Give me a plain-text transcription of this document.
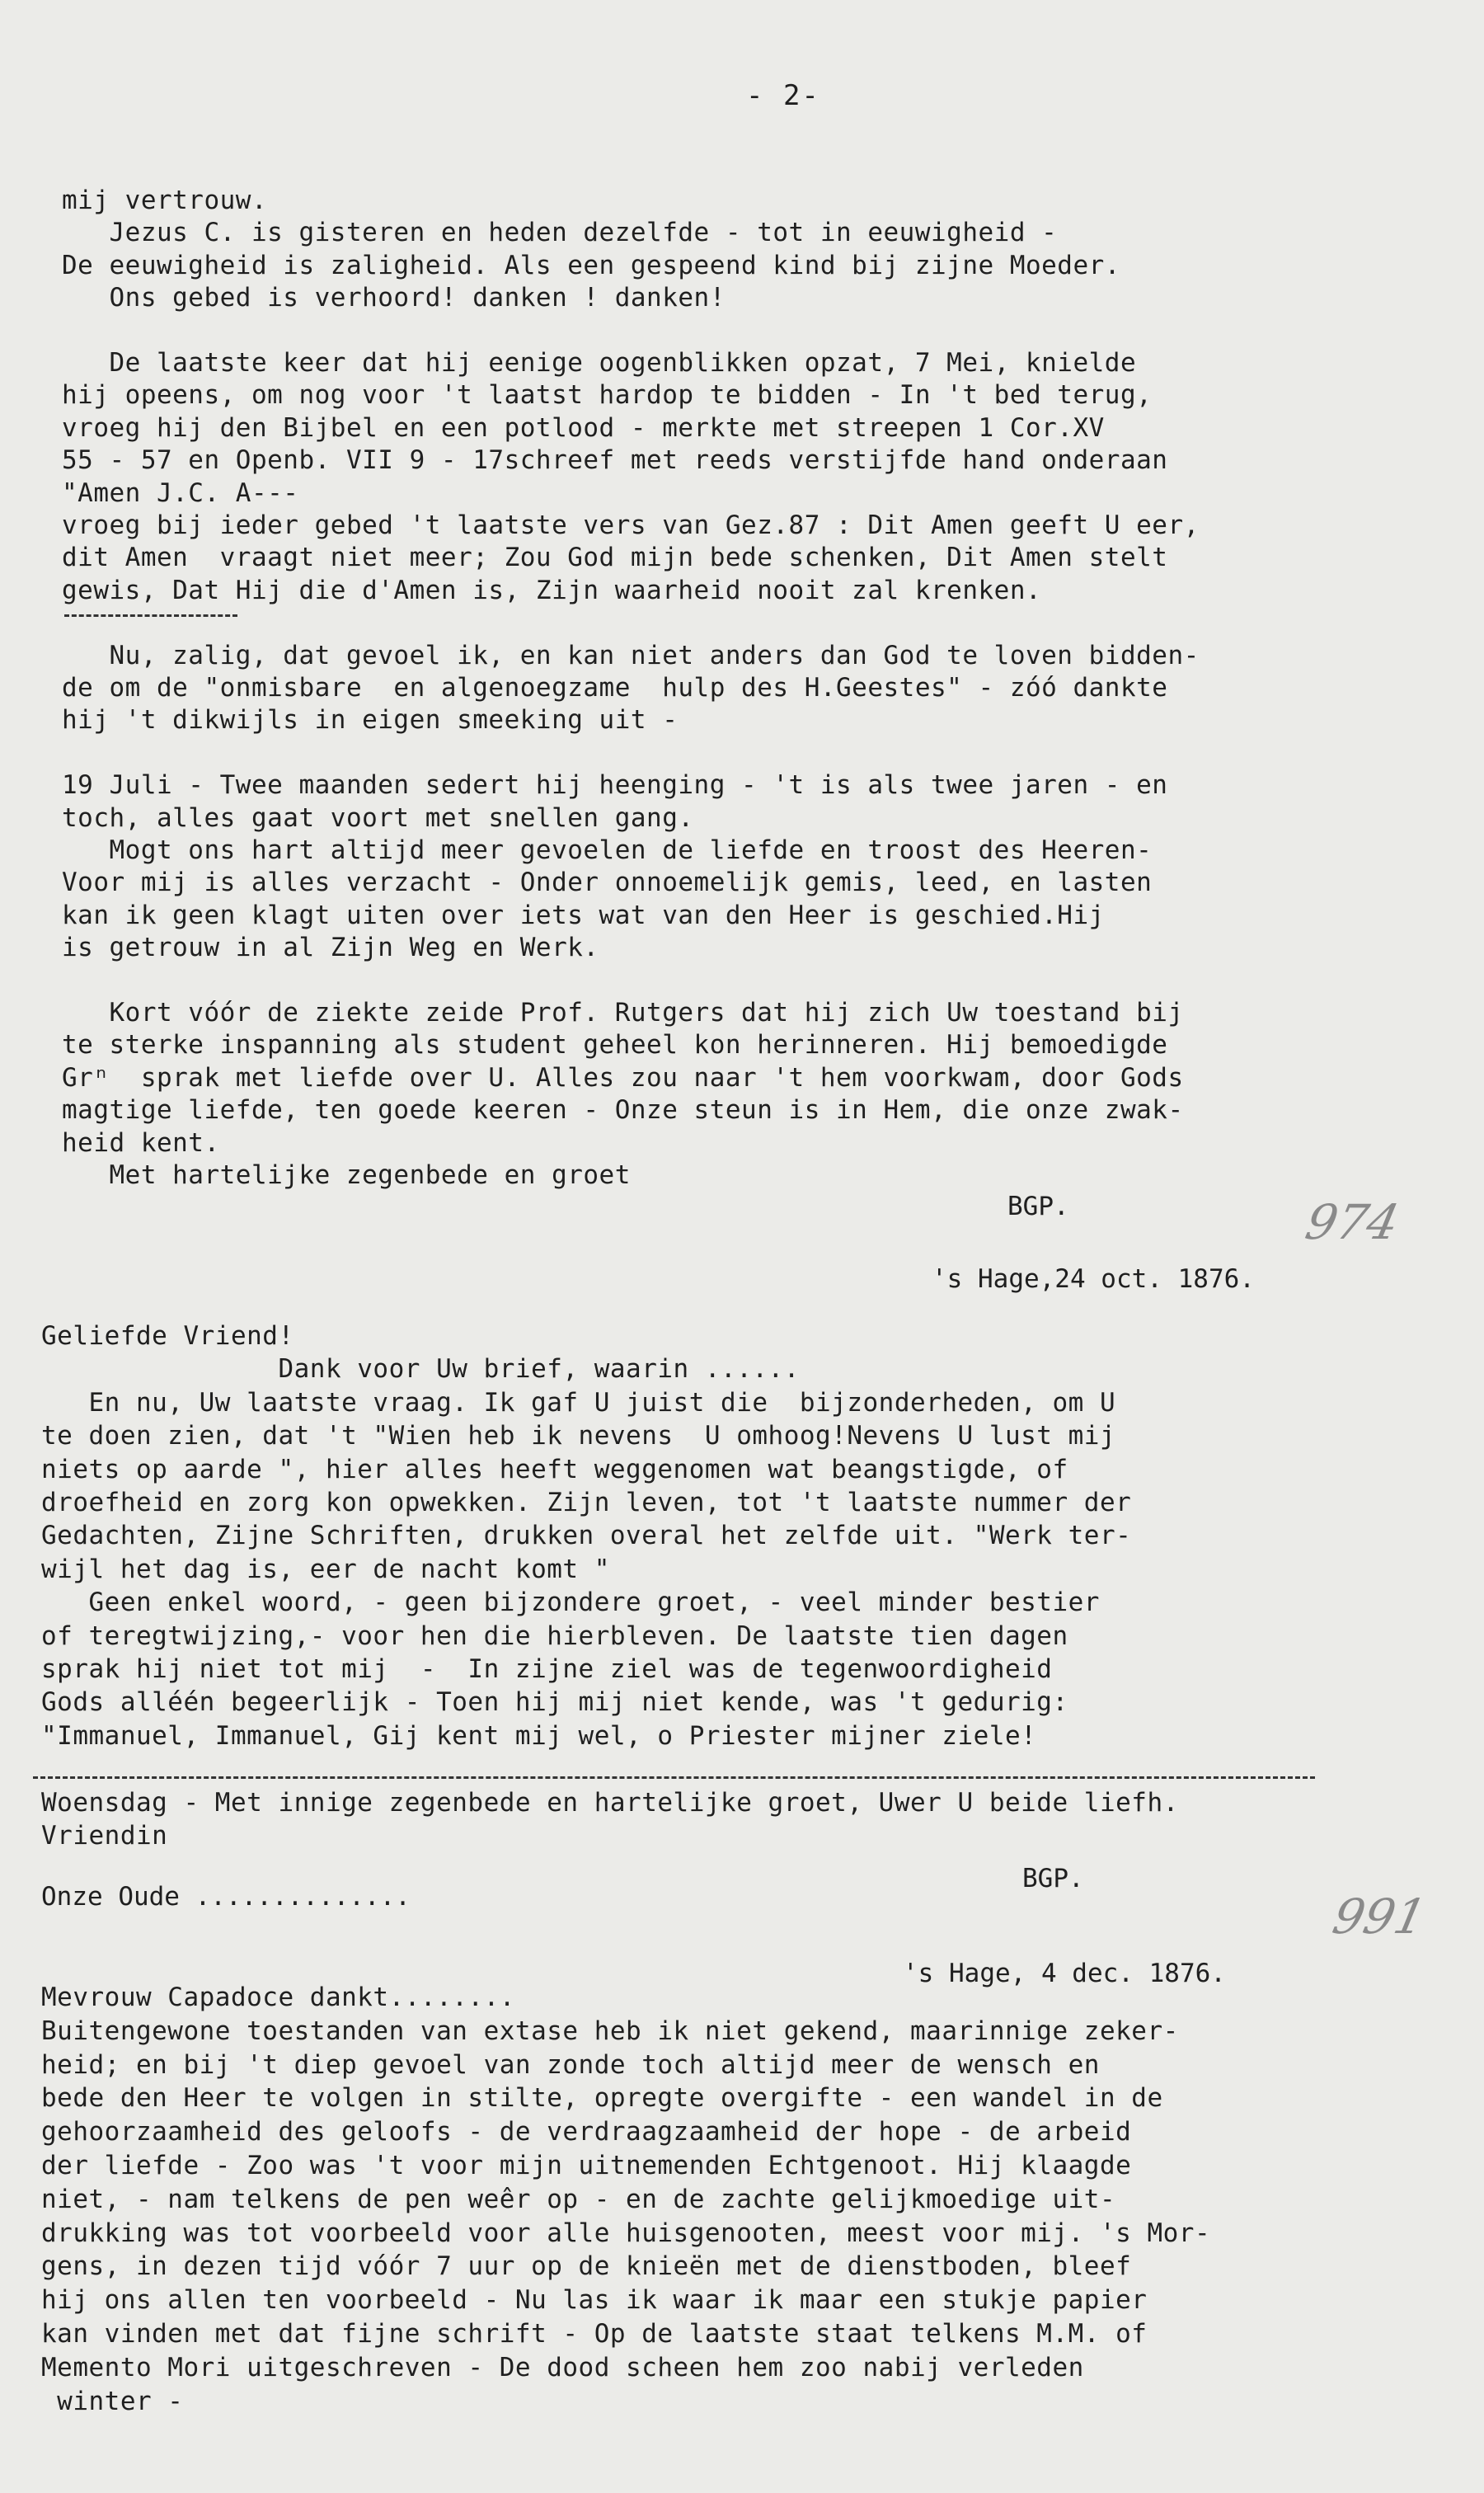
- 2-
mij vertrouw.
Jezus C. is gisteren en heden dezelfde - tot in eeuwigheid -
De eeuwigheid is zaligheid. Als een gespeend kind bij zijne Moeder.
Ons gebed is verhoord! danken ! danken!
De laatste keer dat hij eenige oogenblikken opzat, 7 Mei, knielde
hij opeens, om nog voor 't laatst hardop te bidden - In 't bed terug,
vroeg hij den Bijbel en een potlood - merkte met streepen 1 Cor.XV
55 - 57 en Openb. VII 9 - 17schreef met reeds verstijfde hand onderaan
"Amen J.C. A---
vroeg bij ieder gebed 't laatste vers van Gez.87 : Dit Amen geeft U eer,
dit Amen  vraagt niet meer; Zou God mijn bede schenken, Dit Amen stelt
gewis, Dat Hij die d'Amen is, Zijn waarheid nooit zal krenken.
Nu, zalig, dat gevoel ik, en kan niet anders dan God te loven bidden-
de om de "onmisbare  en algenoegzame  hulp des H.Geestes" - zóó dankte
hij 't dikwijls in eigen smeeking uit -
19 Juli - Twee maanden sedert hij heenging - 't is als twee jaren - en
toch, alles gaat voort met snellen gang.
Mogt ons hart altijd meer gevoelen de liefde en troost des Heeren-
Voor mij is alles verzacht - Onder onnoemelijk gemis, leed, en lasten
kan ik geen klagt uiten over iets wat van den Heer is geschied.Hij
is getrouw in al Zijn Weg en Werk.
Kort vóór de ziekte zeide Prof. Rutgers dat hij zich Uw toestand bij
te sterke inspanning als student geheel kon herinneren. Hij bemoedigde
Grⁿ  sprak met liefde over U. Alles zou naar 't hem voorkwam, door Gods
magtige liefde, ten goede keeren - Onze steun is in Hem, die onze zwak-
heid kent.
Met hartelijke zegenbede en groet
BGP.	974
's Hage,24 oct. 1876.
Geliefde Vriend!
Dank voor Uw brief, waarin ......
En nu, Uw laatste vraag. Ik gaf U juist die  bijzonderheden, om U
te doen zien, dat 't "Wien heb ik nevens  U omhoog!Nevens U lust mij
niets op aarde ", hier alles heeft weggenomen wat beangstigde, of
droefheid en zorg kon opwekken. Zijn leven, tot 't laatste nummer der
Gedachten, Zijne Schriften, drukken overal het zelfde uit. "Werk ter-
wijl het dag is, eer de nacht komt "
Geen enkel woord, - geen bijzondere groet, - veel minder bestier
of teregtwijzing,- voor hen die hierbleven. De laatste tien dagen
sprak hij niet tot mij  -  In zijne ziel was de tegenwoordigheid
Gods alléén begeerlijk - Toen hij mij niet kende, was 't gedurig:
"Immanuel, Immanuel, Gij kent mij wel, o Priester mijner ziele!
Woensdag - Met innige zegenbede en hartelijke groet, Uwer U beide liefh.
Vriendin
BGP.
Onze Oude ..............	991
's Hage, 4 dec. 1876.
Mevrouw Capadoce dankt........
Buitengewone toestanden van extase heb ik niet gekend, maarinnige zeker-
heid; en bij 't diep gevoel van zonde toch altijd meer de wensch en
bede den Heer te volgen in stilte, opregte overgifte - een wandel in de
gehoorzaamheid des geloofs - de verdraagzaamheid der hope - de arbeid
der liefde - Zoo was 't voor mijn uitnemenden Echtgenoot. Hij klaagde
niet, - nam telkens de pen weêr op - en de zachte gelijkmoedige uit-
drukking was tot voorbeeld voor alle huisgenooten, meest voor mij. 's Mor-
gens, in dezen tijd vóór 7 uur op de knieën met de dienstboden, bleef
hij ons allen ten voorbeeld - Nu las ik waar ik maar een stukje papier
kan vinden met dat fijne schrift - Op de laatste staat telkens M.M. of
Memento Mori uitgeschreven - De dood scheen hem zoo nabij verleden
winter -
